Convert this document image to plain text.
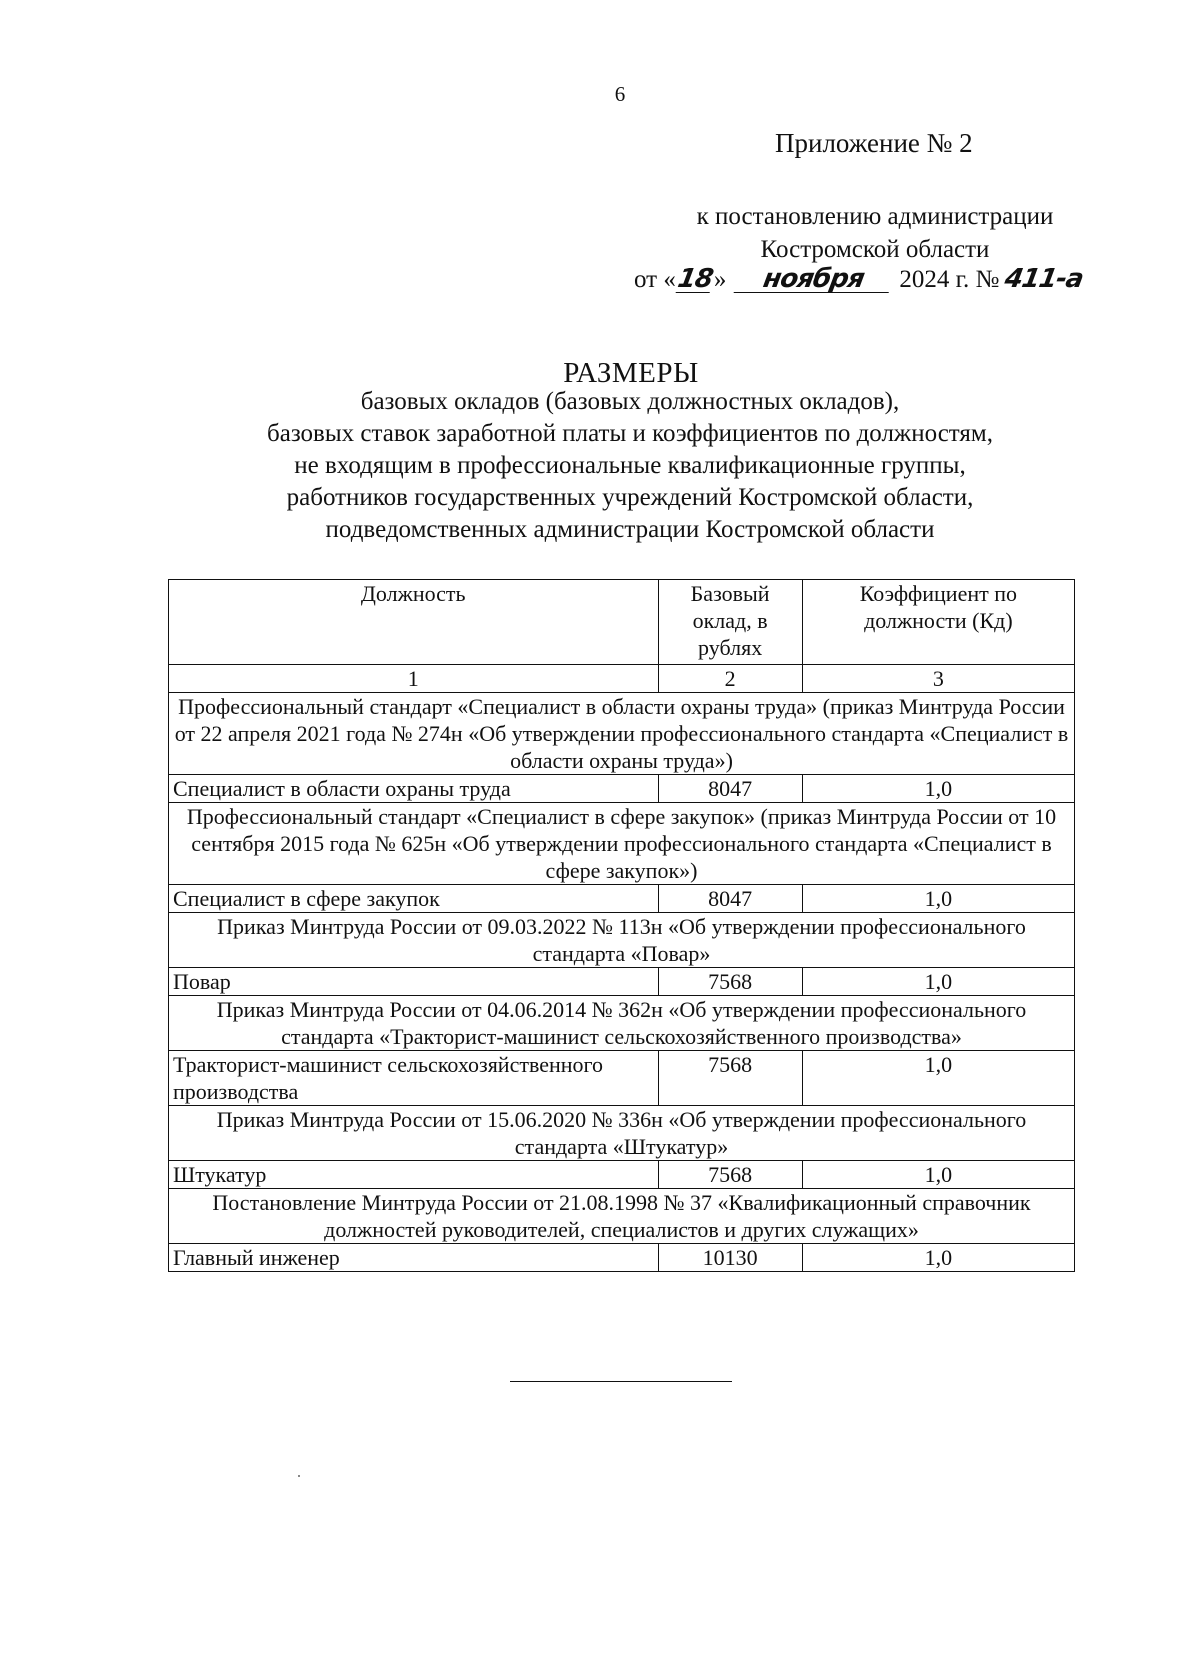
6
Приложение № 2
к постановлению администрации
Костромской области
от «18» ноября 2024 г. № 411-а
РАЗМЕРЫ
базовых окладов (базовых должностных окладов),
базовых ставок заработной платы и коэффициентов по должностям,
не входящим в профессиональные квалификационные группы,
работников государственных учреждений Костромской области,
подведомственных администрации Костромской области
Должность	Базовый оклад, в рублях	Коэффициент по должности (Кд)
1	2	3
Профессиональный стандарт «Специалист в области охраны труда» (приказ Минтруда России от 22 апреля 2021 года № 274н «Об утверждении профессионального стандарта «Специалист в области охраны труда»)		
Специалист в области охраны труда	8047	1,0
Профессиональный стандарт «Специалист в сфере закупок» (приказ Минтруда России от 10 сентября 2015 года № 625н «Об утверждении профессионального стандарта «Специалист в сфере закупок»)		
Специалист в сфере закупок	8047	1,0
Приказ Минтруда России от 09.03.2022 № 113н «Об утверждении профессионального стандарта «Повар»		
Повар	7568	1,0
Приказ Минтруда России от 04.06.2014 № 362н «Об утверждении профессионального стандарта «Тракторист-машинист сельскохозяйственного производства»		
Тракторист-машинист сельскохозяйственного производства	7568	1,0
Приказ Минтруда России от 15.06.2020 № 336н «Об утверждении профессионального стандарта «Штукатур»		
Штукатур	7568	1,0
Постановление Минтруда России от 21.08.1998 № 37 «Квалификационный справочник должностей руководителей, специалистов и других служащих»		
Главный инженер	10130	1,0
